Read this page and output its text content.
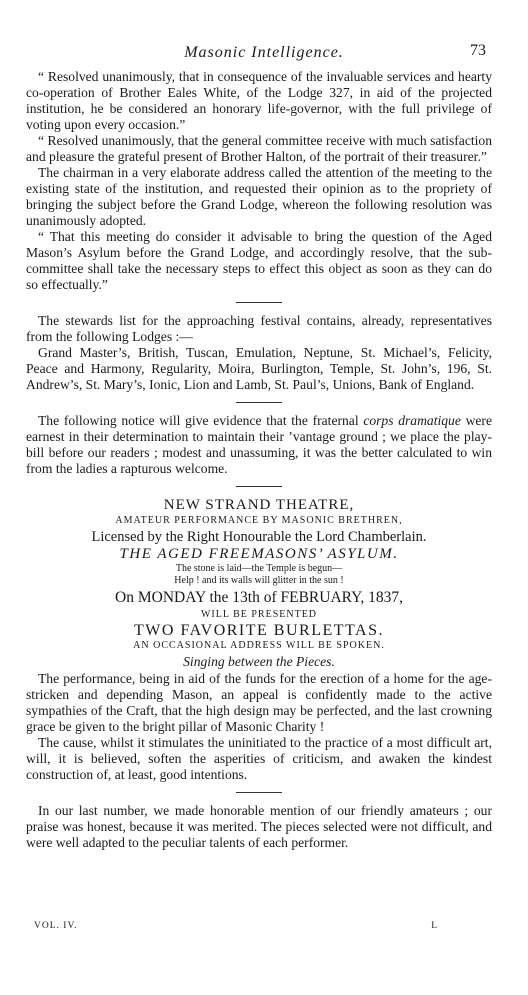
Masonic Intelligence.	73

“ Resolved unanimously, that in consequence of the invaluable services and hearty co-operation of Brother Eales White, of the Lodge 327, in aid of the projected institution, he be considered an honorary life-governor, with the full privilege of voting upon every occasion.”

“ Resolved unanimously, that the general committee receive with much satisfaction and pleasure the grateful present of Brother Halton, of the portrait of their treasurer.”

The chairman in a very elaborate address called the attention of the meeting to the existing state of the institution, and requested their opinion as to the propriety of bringing the subject before the Grand Lodge, whereon the following resolution was unanimously adopted.

“ That this meeting do consider it advisable to bring the question of the Aged Mason’s Asylum before the Grand Lodge, and accordingly resolve, that the sub-committee shall take the necessary steps to effect this object as soon as they can do so effectually.”

The stewards list for the approaching festival contains, already, representatives from the following Lodges :—

Grand Master’s, British, Tuscan, Emulation, Neptune, St. Michael’s, Felicity, Peace and Harmony, Regularity, Moira, Burlington, Temple, St. John’s, 196, St. Andrew’s, St. Mary’s, Ionic, Lion and Lamb, St. Paul’s, Unions, Bank of England.

The following notice will give evidence that the fraternal corps dramatique were earnest in their determination to maintain their ’vantage ground ; we place the play-bill before our readers ; modest and unassuming, it was the better calculated to win from the ladies a rapturous welcome.

NEW STRAND THEATRE,
AMATEUR PERFORMANCE BY MASONIC BRETHREN,
Licensed by the Right Honourable the Lord Chamberlain.
THE AGED FREEMASONS’ ASYLUM.
The stone is laid—the Temple is begun—
Help ! and its walls will glitter in the sun !
On MONDAY the 13th of FEBRUARY, 1837,
WILL BE PRESENTED
TWO FAVORITE BURLETTAS.
AN OCCASIONAL ADDRESS WILL BE SPOKEN.
Singing between the Pieces.

The performance, being in aid of the funds for the erection of a home for the age-stricken and depending Mason, an appeal is confidently made to the active sympathies of the Craft, that the high design may be perfected, and the last crowning grace be given to the bright pillar of Masonic Charity !

The cause, whilst it stimulates the uninitiated to the practice of a most difficult art, will, it is believed, soften the asperities of criticism, and awaken the kindest construction of, at least, good intentions.

In our last number, we made honorable mention of our friendly amateurs ; our praise was honest, because it was merited. The pieces selected were not difficult, and were well adapted to the peculiar talents of each performer.

VOL. IV.	L
